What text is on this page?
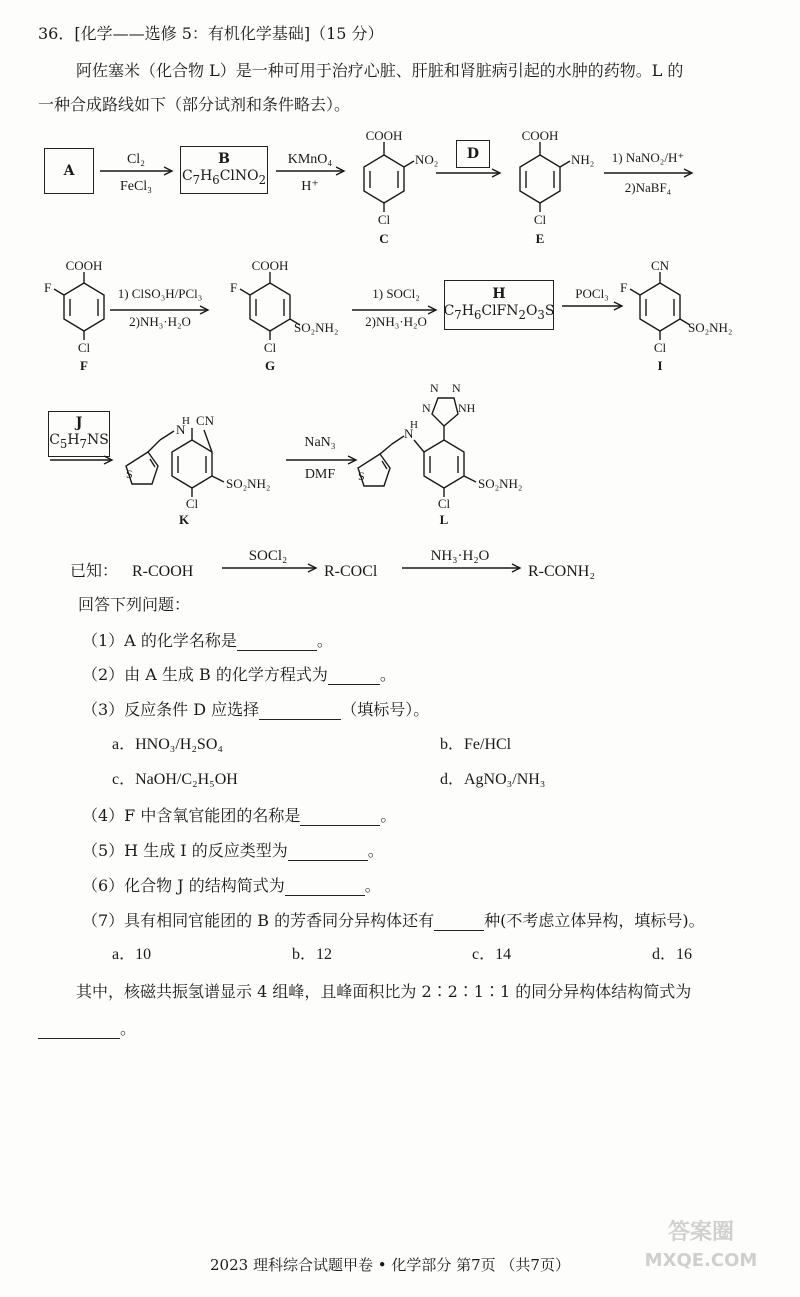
36．[化学——选修 5：有机化学基础]（15 分）
阿佐塞米（化合物 L）是一种可用于治疗心脏、肝脏和肾脏病引起的水肿的药物。L 的
一种合成路线如下（部分试剂和条件略去）。
A
B
$C_7H_6ClNO_2$
D
H
$C_7H_6ClFN_2O_3S$
J
$C_5H_7NS$
Cl₂
FeCl₃
KMnO₄
H⁺
1) NaNO₂/H⁺
2)NaBF₄
COOH
NO₂
Cl
C
COOH
NH₂
Cl
E
1) ClSO₃H/PCl₃
2)NH₃·H₂O
1) SOCl₂
2)NH₃·H₂O
POCl₃
COOH
F
Cl
F
COOH
F
SO₂NH₂
Cl
G
CN
F
SO₂NH₂
Cl
I
CN
N
H
SO₂NH₂
Cl
S
K
NaN₃
DMF
N
N
N
NH
N
H
SO₂NH₂
Cl
S
L
已知： R-COOH
SOCl₂
R-COCl
NH₃·H₂O
R-CONH₂
回答下列问题：
（1）A 的化学名称是	。
（2）由 A 生成 B 的化学方程式为	。
（3）反应条件 D 应选择	（填标号）。
a．HNO₃/H₂SO₄	b．Fe/HCl
c．NaOH/C₂H₅OH	d．AgNO₃/NH₃
（4）F 中含氧官能团的名称是	。
（5）H 生成 I 的反应类型为	。
（6）化合物 J 的结构简式为	。
（7）具有相同官能团的 B 的芳香同分异构体还有	种(不考虑立体异构，填标号)。
a．10	b．12	c．14	d．16
其中，核磁共振氢谱显示 4 组峰，且峰面积比为 2∶2∶1∶1 的同分异构体结构简式为
。
2023 理科综合试题甲卷 • 化学部分 第7页 （共7页）
答案圈
MXQE.COM
